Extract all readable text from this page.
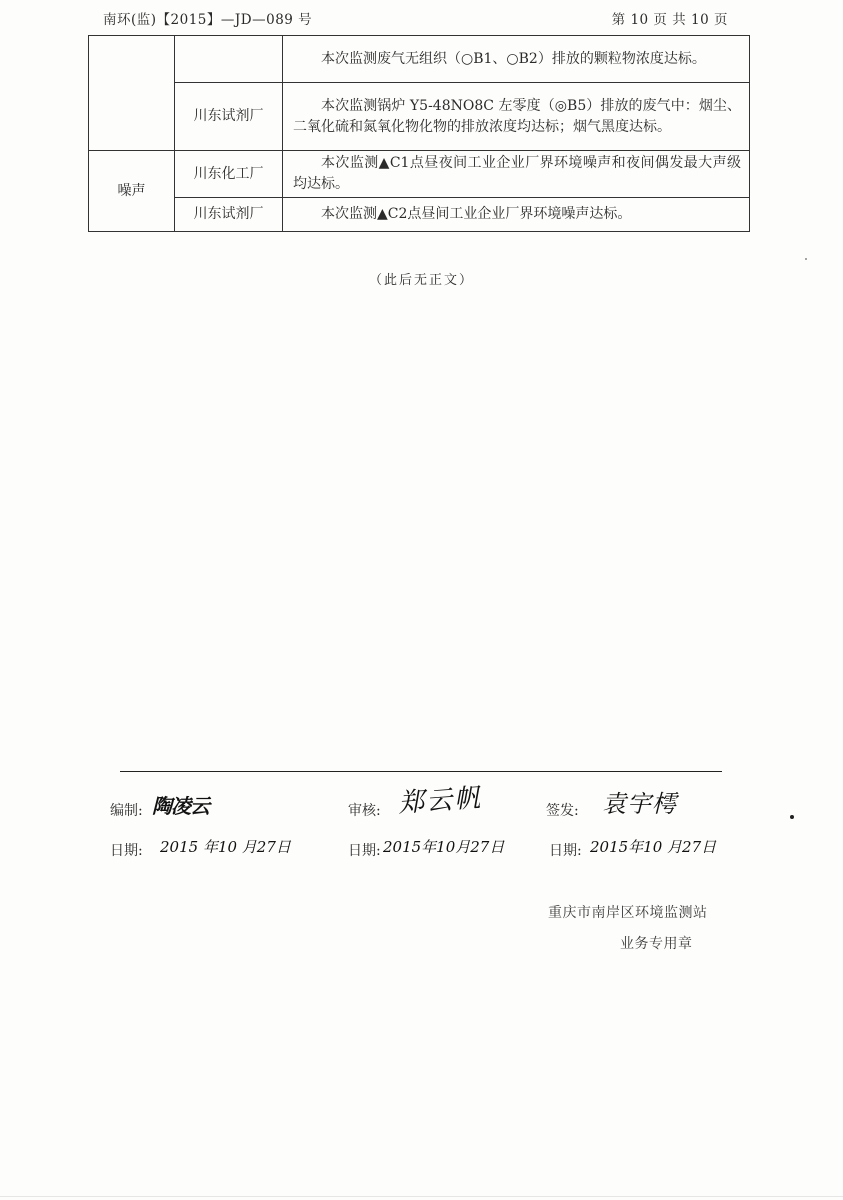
南环(监)【2015】—JD—089 号	第 10 页 共 10 页

		本次监测废气无组织（○B1、○B2）排放的颗粒物浓度达标。

	川东试剂厂	本次监测锅炉 Y5-48NO8C 左零度（◎B5）排放的废气中：烟尘、二氧化硫和氮氧化物化物的排放浓度均达标；烟气黑度达标。

噪声	川东化工厂	本次监测▲C1点昼夜间工业企业厂界环境噪声和夜间偶发最大声级均达标。

	川东试剂厂	本次监测▲C2点昼间工业企业厂界环境噪声达标。
（此后无正文）
编制: 陶凌云
日期: 2015 年10 月27日
审核: 郑云帆
日期: 2015年10月27日
签发: 袁宇樗
日期: 2015年10 月27日
重庆市南岸区环境监测站
业务专用章
